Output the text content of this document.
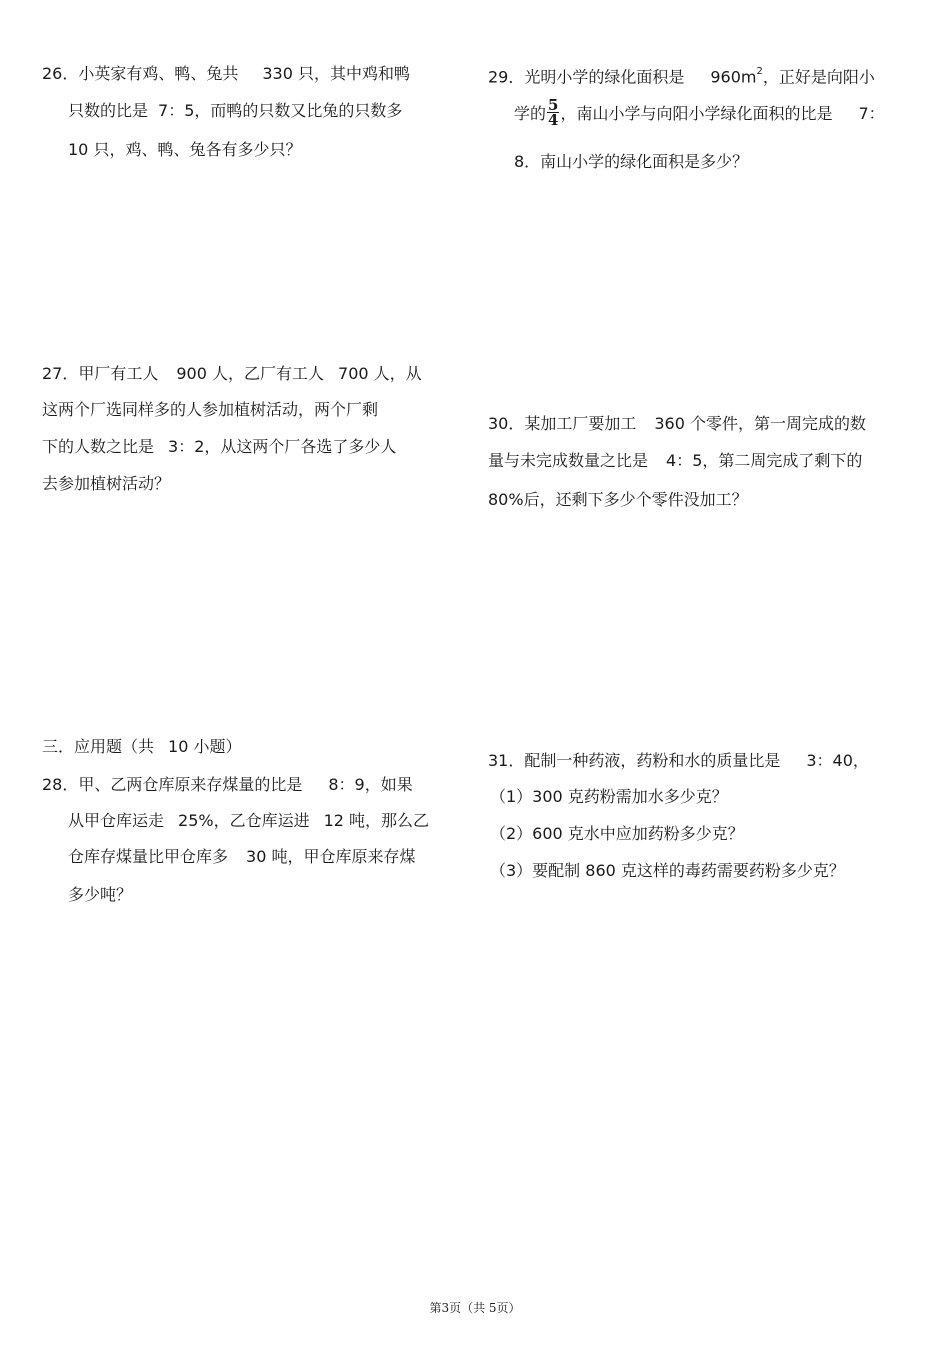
26．小英家有鸡、鸭、兔共 330 只，其中鸡和鸭
只数的比是 7：5，而鸭的只数又比兔的只数多
10 只，鸡、鸭、兔各有多少只？
29．光明小学的绿化面积是 $960m^2$，正好是向阳小
学的 $\frac{5}{4}$ ，南山小学与向阳小学绿化面积的比是 7：
8．南山小学的绿化面积是多少？
27．甲厂有工人 900 人，乙厂有工人 700 人，从
这两个厂选同样多的人参加植树活动，两个厂剩
下的人数之比是 3：2，从这两个厂各选了多少人
去参加植树活动？
30．某加工厂要加工 360 个零件，第一周完成的数
量与未完成数量之比是 4：5，第二周完成了剩下的
80%后，还剩下多少个零件没加工？
三．应用题（共 10 小题）
28．甲、乙两仓库原来存煤量的比是 8：9，如果
从甲仓库运走 25%，乙仓库运进 12 吨，那么乙
仓库存煤量比甲仓库多 30 吨，甲仓库原来存煤
多少吨？
31．配制一种药液，药粉和水的质量比是 3：40，
（1）300 克药粉需加水多少克？
（2）600 克水中应加药粉多少克？
（3）要配制 860 克这样的毒药需要药粉多少克？
第3页（共 5页）
